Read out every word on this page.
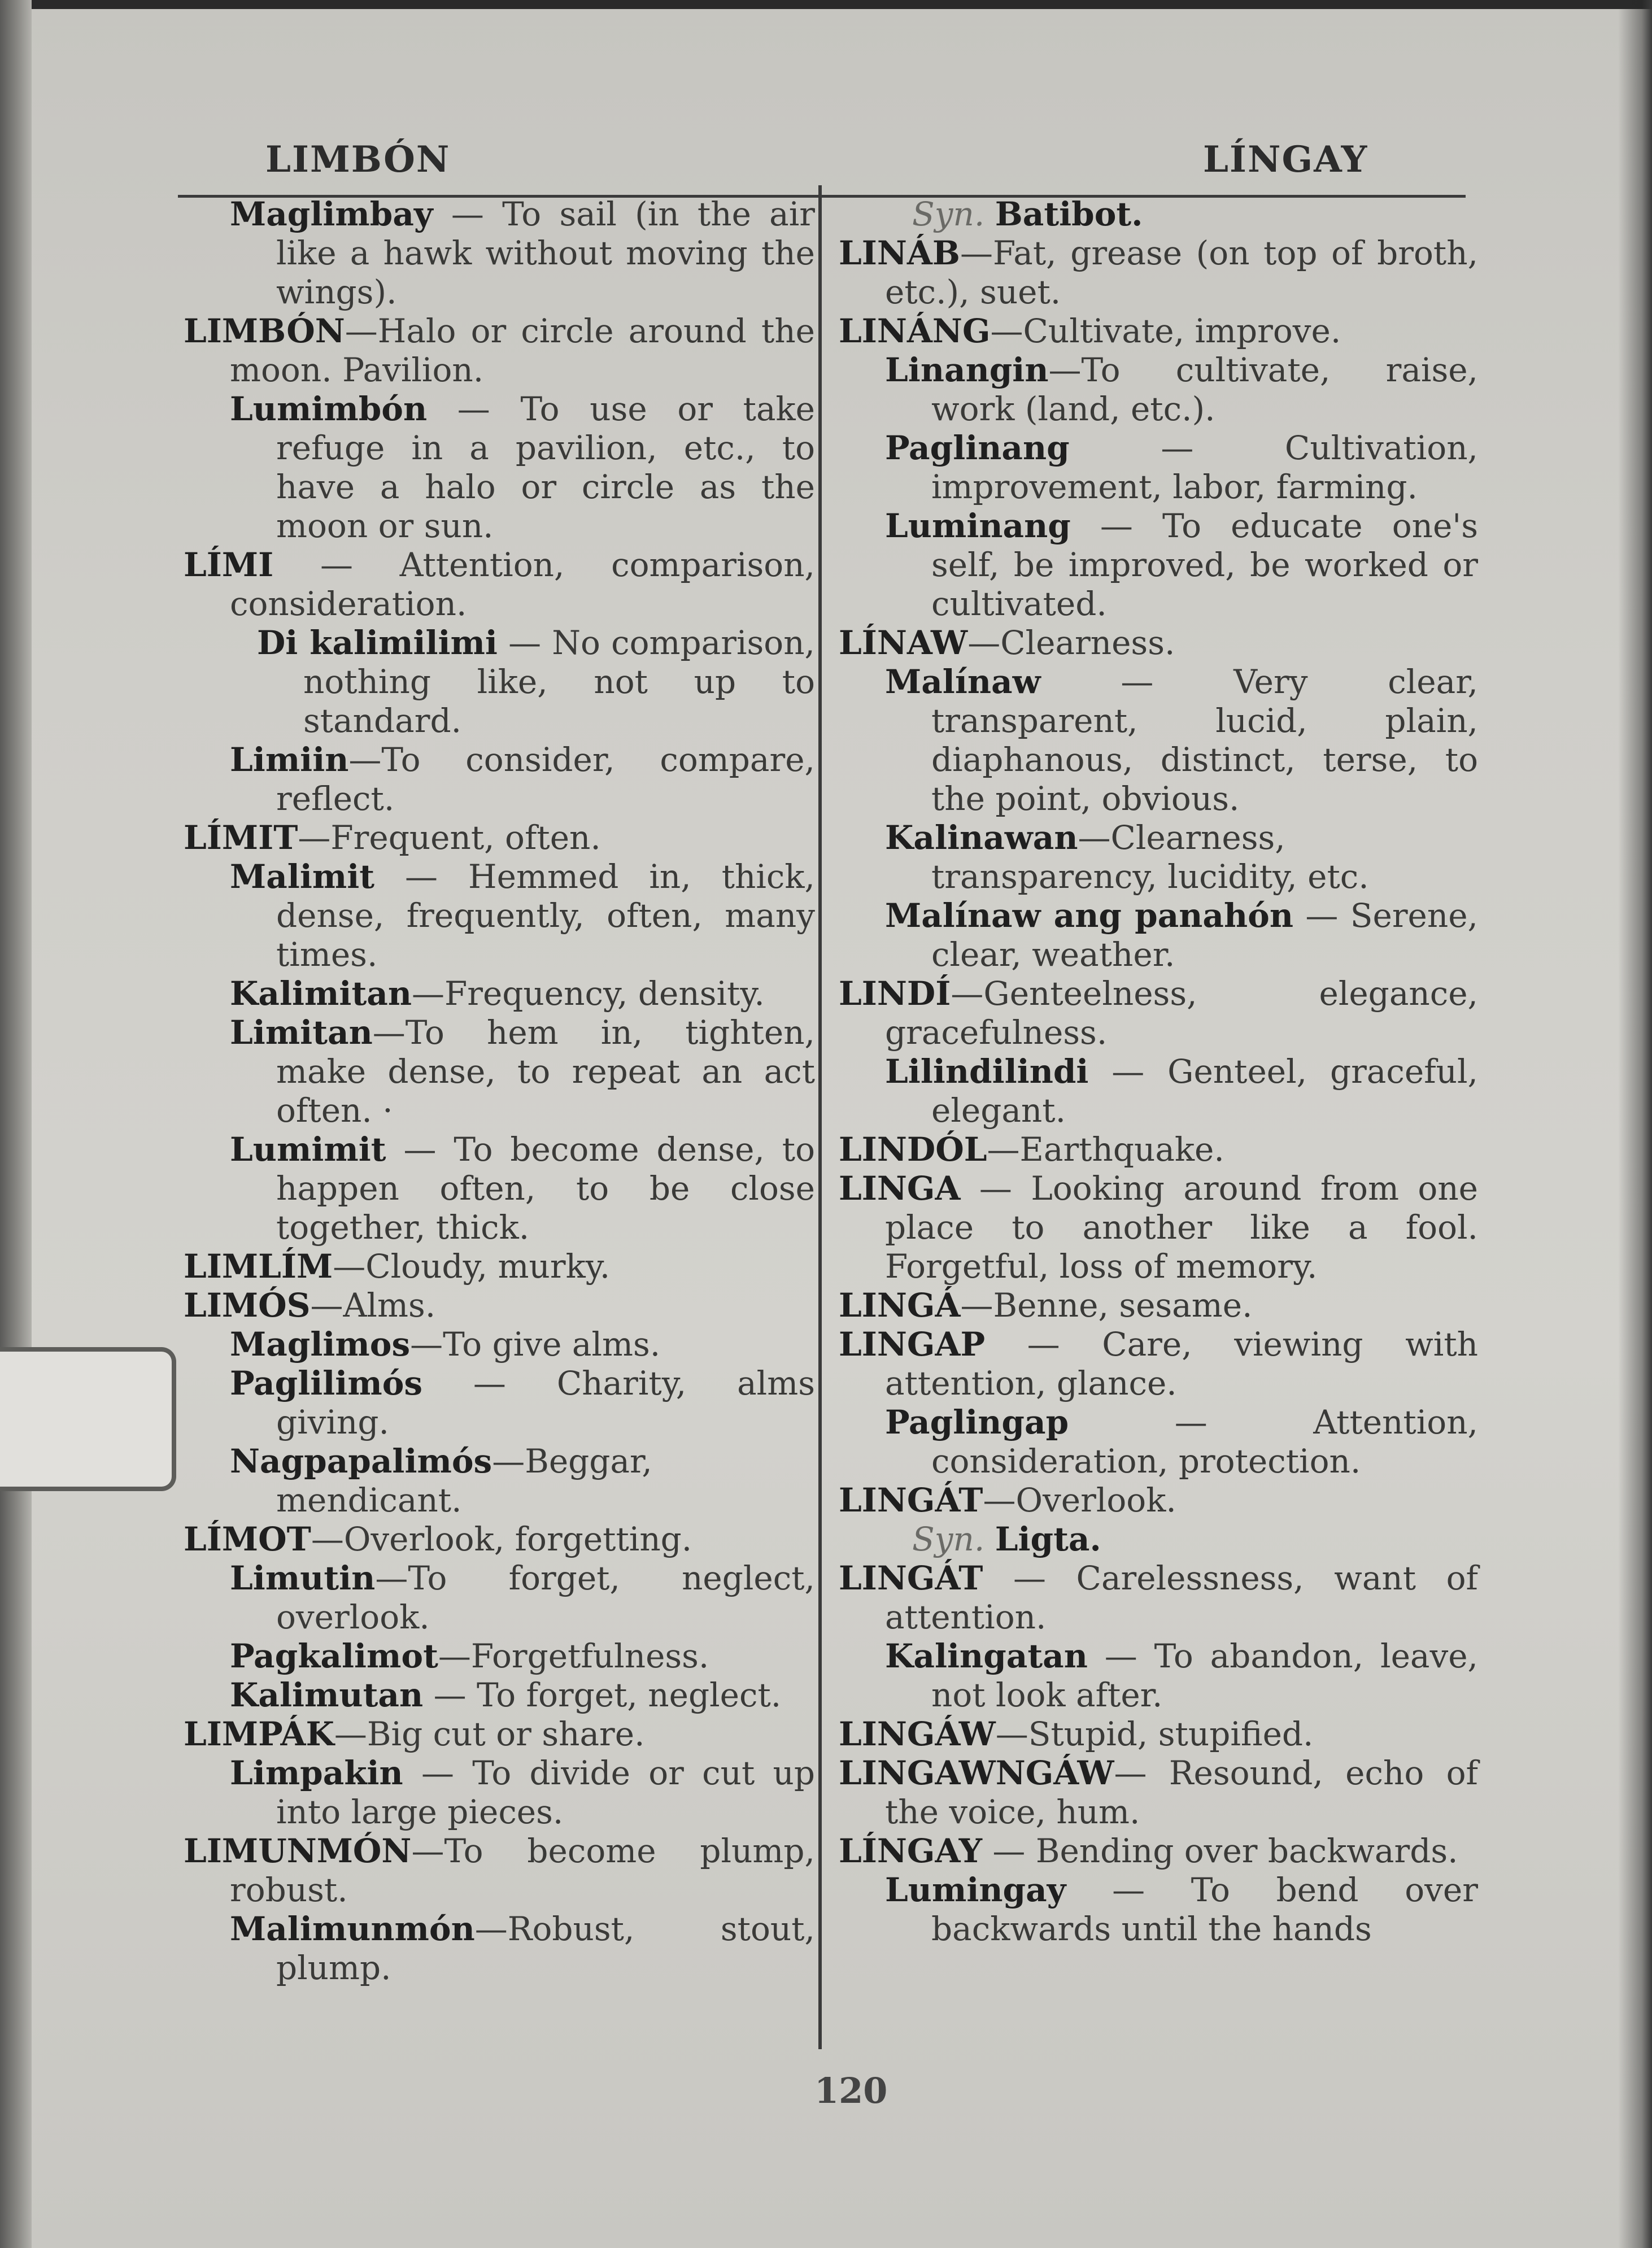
LIMBÓN	LÍNGAY

Maglimbay — To sail (in the air like a hawk without moving the wings).

LIMBÓN—Halo or circle around the moon. Pavilion.

Lumimbón — To use or take refuge in a pavilion, etc., to have a halo or circle as the moon or sun.

LÍMI — Attention, comparison, consideration.

Di kalimilimi — No comparison, nothing like, not up to standard.

Limiin—To consider, compare, reflect.

LÍMIT—Frequent, often.

Malimit — Hemmed in, thick, dense, frequently, often, many times.

Kalimitan—Frequency, density.

Limitan—To hem in, tighten, make dense, to repeat an act often. ·

Lumimit — To become dense, to happen often, to be close together, thick.

LIMLÍM—Cloudy, murky.

LIMÓS—Alms.

Maglimos—To give alms.

Paglilimós — Charity, alms giving.

Nagpapalimós—Beggar, mendicant.

LÍMOT—Overlook, forgetting.

Limutin—To forget, neglect, overlook.

Pagkalimot—Forgetfulness.

Kalimutan — To forget, neglect.

LIMPÁK—Big cut or share.

Limpakin — To divide or cut up into large pieces.

LIMUNMÓN—To become plump, robust.

Malimunmón—Robust, stout, plump.

Syn. Batibot.

LINÁB—Fat, grease (on top of broth, etc.), suet.

LINÁNG—Cultivate, improve.

Linangin—To cultivate, raise, work (land, etc.).

Paglinang — Cultivation, improvement, labor, farming.

Luminang — To educate one's self, be improved, be worked or cultivated.

LÍNAW—Clearness.

Malínaw — Very clear, transparent, lucid, plain, diaphanous, distinct, terse, to the point, obvious.

Kalinawan—Clearness, transparency, lucidity, etc.

Malínaw ang panahón — Serene, clear, weather.

LINDÍ—Genteelness, elegance, gracefulness.

Lilindilindi — Genteel, graceful, elegant.

LINDÓL—Earthquake.

LINGA — Looking around from one place to another like a fool. Forgetful, loss of memory.

LINGÁ—Benne, sesame.

LINGAP — Care, viewing with attention, glance.

Paglingap — Attention, consideration, protection.

LINGÁT—Overlook.

Syn. Ligta.

LINGÁT — Carelessness, want of attention.

Kalingatan — To abandon, leave, not look after.

LINGÁW—Stupid, stupified.

LINGAWNGÁW— Resound, echo of the voice, hum.

LÍNGAY — Bending over backwards.

Lumingay — To bend over backwards until the hands

120
